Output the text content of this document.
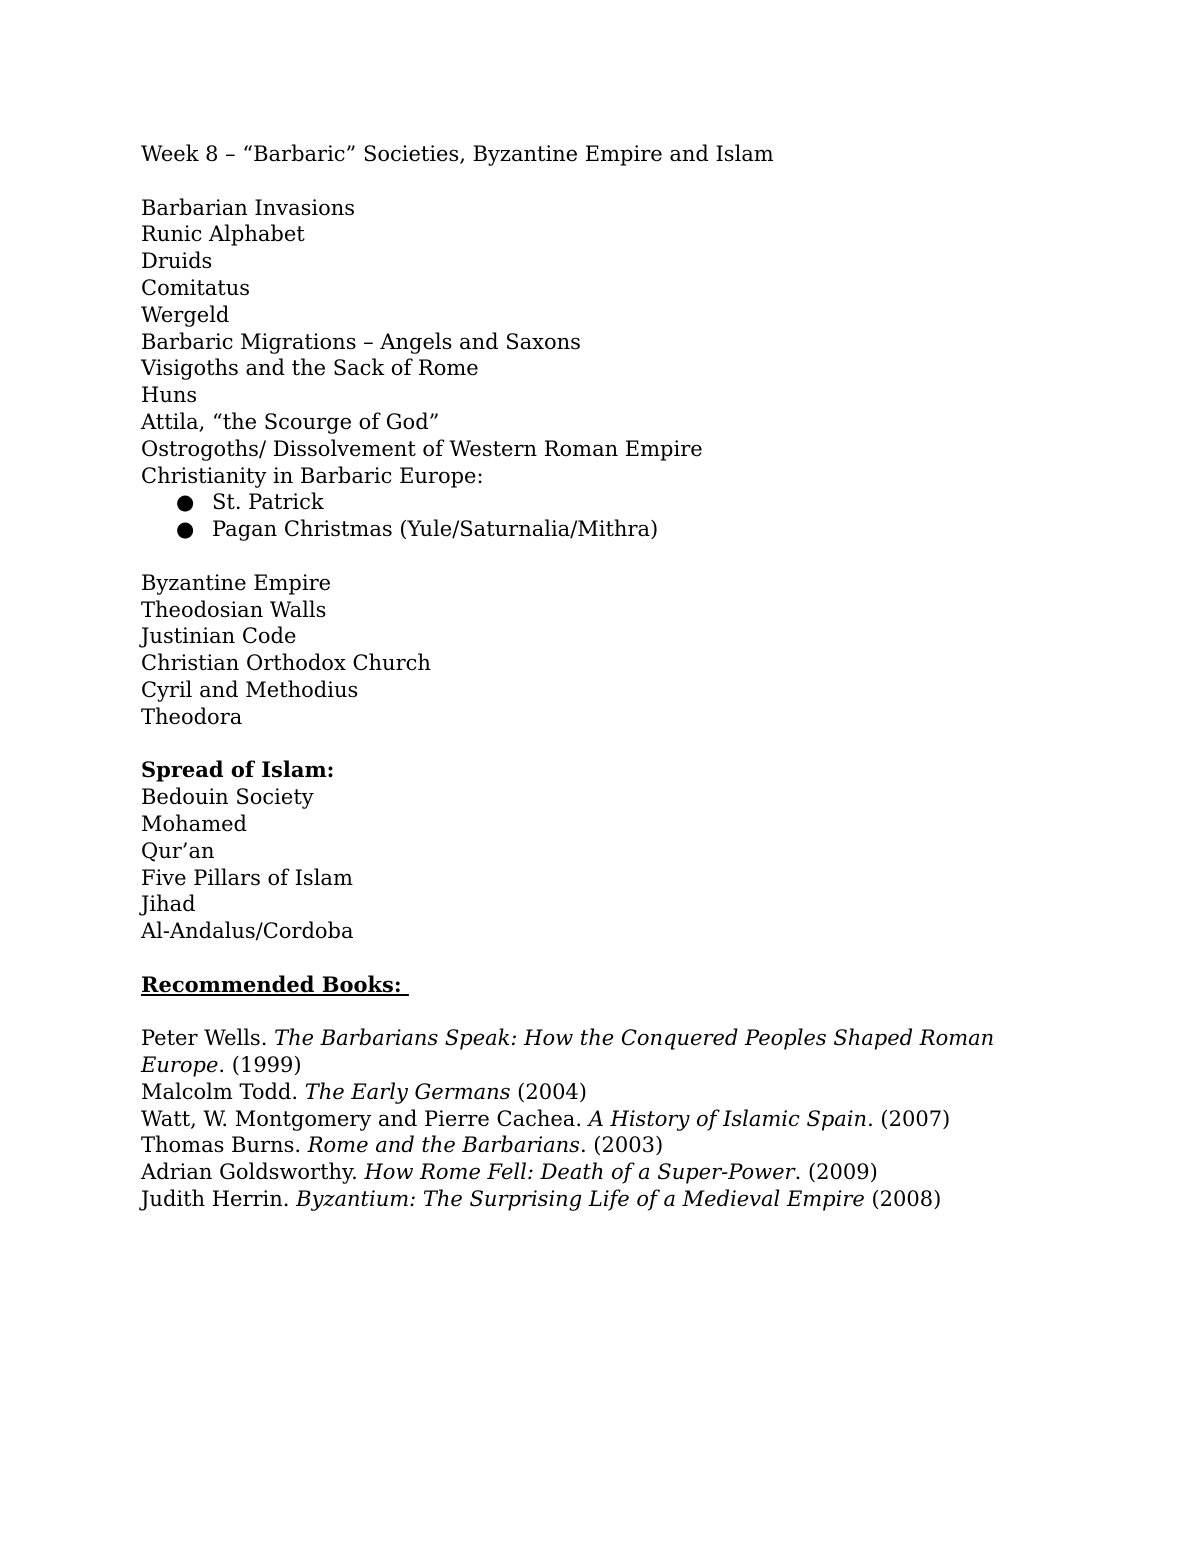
Week 8 – “Barbaric” Societies, Byzantine Empire and Islam
Barbarian Invasions
Runic Alphabet
Druids
Comitatus
Wergeld
Barbaric Migrations – Angels and Saxons
Visigoths and the Sack of Rome
Huns
Attila, “the Scourge of God”
Ostrogoths/ Dissolvement of Western Roman Empire
Christianity in Barbaric Europe:
● St. Patrick
● Pagan Christmas (Yule/Saturnalia/Mithra)
Byzantine Empire
Theodosian Walls
Justinian Code
Christian Orthodox Church
Cyril and Methodius
Theodora
Spread of Islam:
Bedouin Society
Mohamed
Qur’an
Five Pillars of Islam
Jihad
Al-Andalus/Cordoba
Recommended Books:
Peter Wells. The Barbarians Speak: How the Conquered Peoples Shaped Roman Europe. (1999)
Malcolm Todd. The Early Germans (2004)
Watt, W. Montgomery and Pierre Cachea. A History of Islamic Spain. (2007)
Thomas Burns. Rome and the Barbarians. (2003)
Adrian Goldsworthy. How Rome Fell: Death of a Super-Power. (2009)
Judith Herrin. Byzantium: The Surprising Life of a Medieval Empire (2008)
